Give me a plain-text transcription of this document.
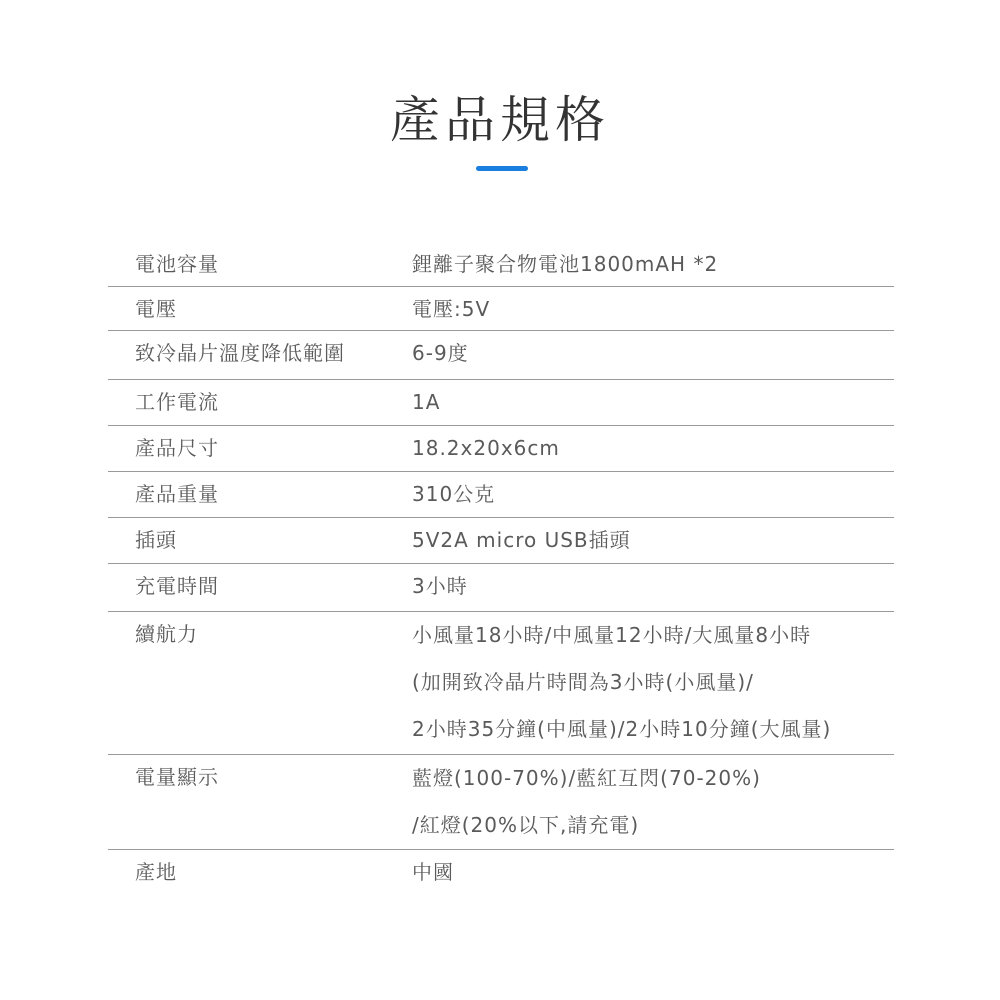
產品規格
電池容量	鋰離子聚合物電池1800mAH *2
電壓	電壓:5V
致冷晶片溫度降低範圍	6-9度
工作電流	1A
產品尺寸	18.2x20x6cm
產品重量	310公克
插頭	5V2A micro USB插頭
充電時間	3小時
續航力	小風量18小時/中風量12小時/大風量8小時
(加開致冷晶片時間為3小時(小風量)/
2小時35分鐘(中風量)/2小時10分鐘(大風量)
電量顯示	藍燈(100-70%)/藍紅互閃(70-20%)
/紅燈(20%以下,請充電)
產地	中國
